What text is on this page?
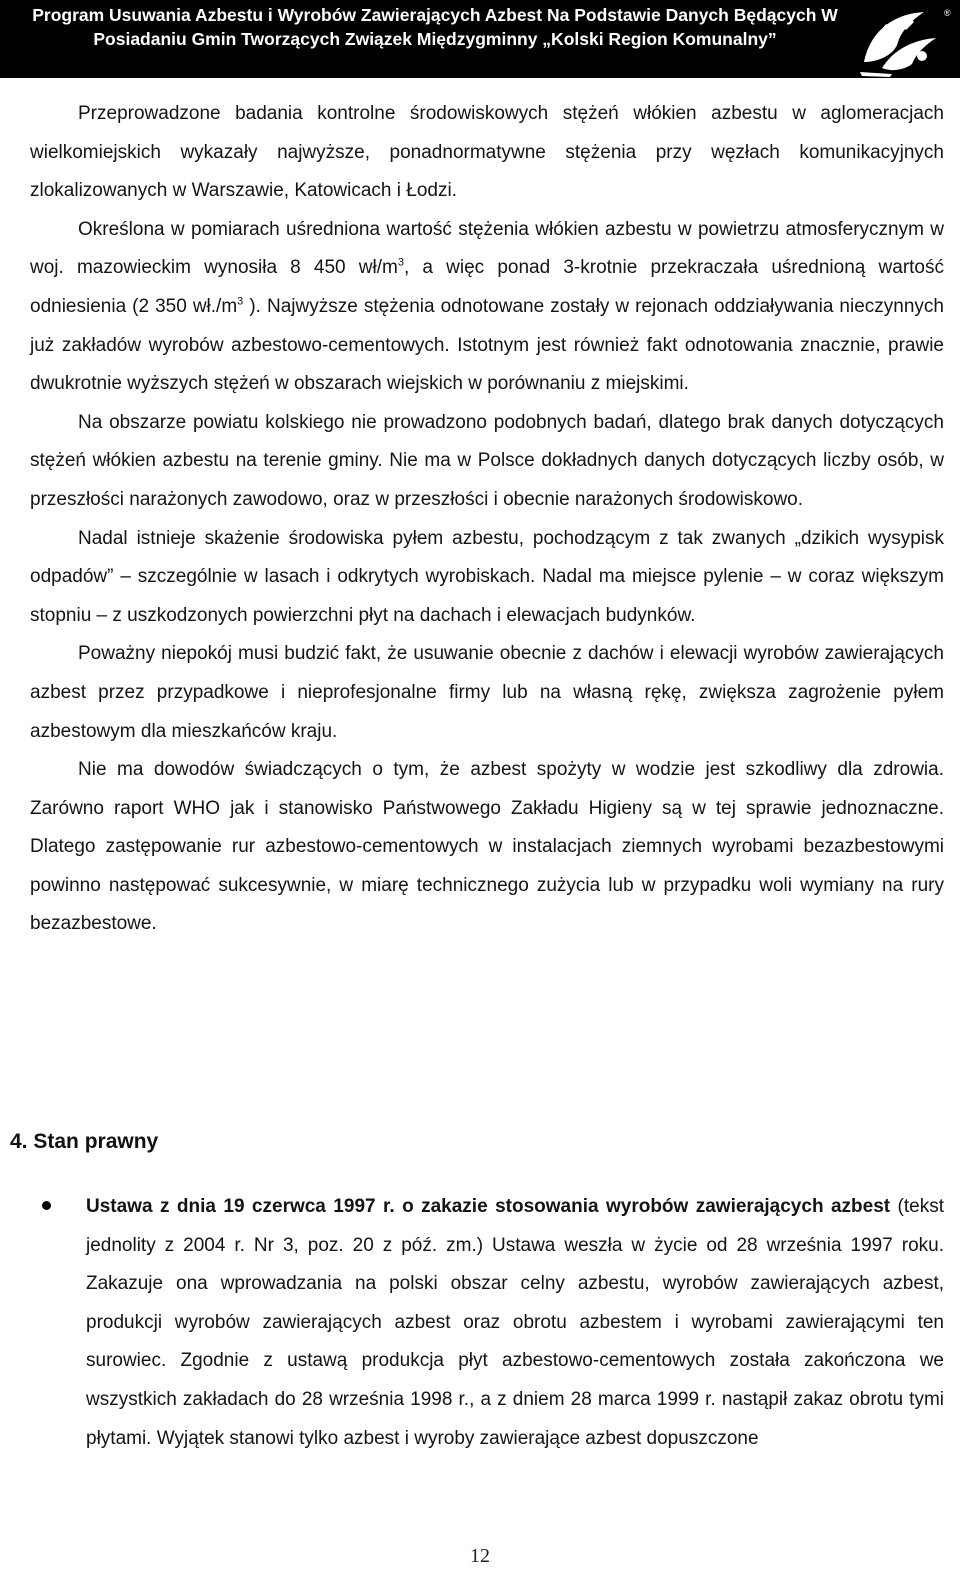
Program Usuwania Azbestu i Wyrobów Zawierających Azbest Na Podstawie Danych Będących W Posiadaniu Gmin Tworzących Związek Międzygminny „Kolski Region Komunalny”
®

Przeprowadzone badania kontrolne środowiskowych stężeń włókien azbestu w aglomeracjach wielkomiejskich wykazały najwyższe, ponadnormatywne stężenia przy węzłach komunikacyjnych zlokalizowanych w Warszawie, Katowicach i Łodzi.

Określona w pomiarach uśredniona wartość stężenia włókien azbestu w powietrzu atmosferycznym w woj. mazowieckim wynosiła 8 450 $wł/m^3$, a więc ponad 3-krotnie przekraczała uśrednioną wartość odniesienia (2 350 $wł./m^3$ ). Najwyższe stężenia odnotowane zostały w rejonach oddziaływania nieczynnych już zakładów wyrobów azbestowo-cementowych. Istotnym jest również fakt odnotowania znacznie, prawie dwukrotnie wyższych stężeń w obszarach wiejskich w porównaniu z miejskimi.

Na obszarze powiatu kolskiego nie prowadzono podobnych badań, dlatego brak danych dotyczących stężeń włókien azbestu na terenie gminy. Nie ma w Polsce dokładnych danych dotyczących liczby osób, w przeszłości narażonych zawodowo, oraz w przeszłości i obecnie narażonych środowiskowo.

Nadal istnieje skażenie środowiska pyłem azbestu, pochodzącym z tak zwanych „dzikich wysypisk odpadów” – szczególnie w lasach i odkrytych wyrobiskach. Nadal ma miejsce pylenie – w coraz większym stopniu – z uszkodzonych powierzchni płyt na dachach i elewacjach budynków.

Poważny niepokój musi budzić fakt, że usuwanie obecnie z dachów i elewacji wyrobów zawierających azbest przez przypadkowe i nieprofesjonalne firmy lub na własną rękę, zwiększa zagrożenie pyłem azbestowym dla mieszkańców kraju.

Nie ma dowodów świadczących o tym, że azbest spożyty w wodzie jest szkodliwy dla zdrowia. Zarówno raport WHO jak i stanowisko Państwowego Zakładu Higieny są w tej sprawie jednoznaczne. Dlatego zastępowanie rur azbestowo-cementowych w instalacjach ziemnych wyrobami bezazbestowymi powinno następować sukcesywnie, w miarę technicznego zużycia lub w przypadku woli wymiany na rury bezazbestowe.

4. Stan prawny
Ustawa z dnia 19 czerwca 1997 r. o zakazie stosowania wyrobów zawierających azbest (tekst jednolity z 2004 r. Nr 3, poz. 20 z póź. zm.) Ustawa weszła w życie od 28 września 1997 roku. Zakazuje ona wprowadzania na polski obszar celny azbestu, wyrobów zawierających azbest, produkcji wyrobów zawierających azbest oraz obrotu azbestem i wyrobami zawierającymi ten surowiec. Zgodnie z ustawą produkcja płyt azbestowo-cementowych została zakończona we wszystkich zakładach do 28 września 1998 r., a z dniem 28 marca 1999 r. nastąpił zakaz obrotu tymi płytami. Wyjątek stanowi tylko azbest i wyroby zawierające azbest dopuszczone
12
